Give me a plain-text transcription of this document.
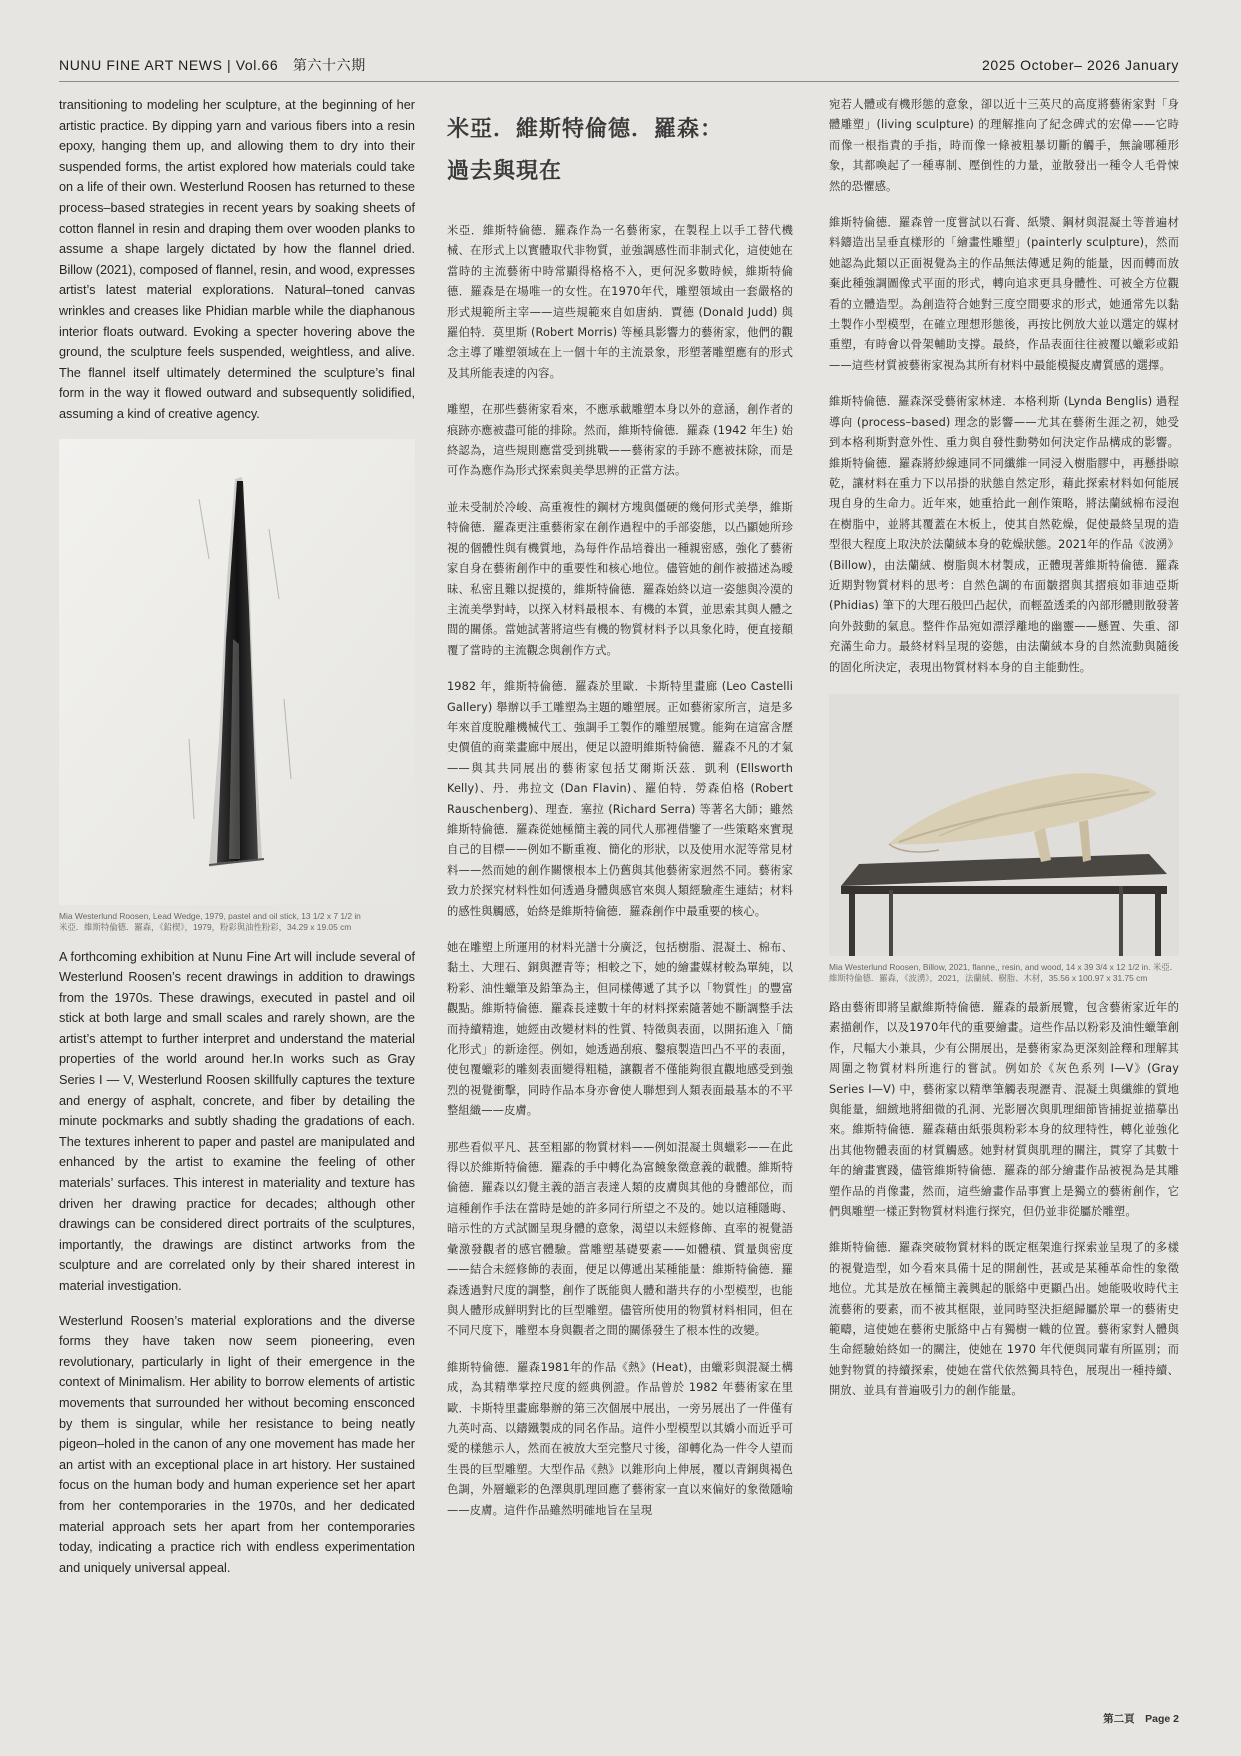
NUNU FINE ART NEWS | Vol.66　第六十六期	2025 October– 2026 January

transitioning to modeling her sculpture, at the beginning of her artistic practice. By dipping yarn and various fibers into a resin epoxy, hanging them up, and allowing them to dry into their suspended forms, the artist explored how materials could take on a life of their own. Westerlund Roosen has returned to these process–based strategies in recent years by soaking sheets of cotton flannel in resin and draping them over wooden planks to assume a shape largely dictated by how the flannel dried. Billow (2021), composed of flannel, resin, and wood, expresses artist’s latest material explorations. Natural–toned canvas wrinkles and creases like Phidian marble while the diaphanous interior floats outward. Evoking a specter hovering above the ground, the sculpture feels suspended, weightless, and alive. The flannel itself ultimately determined the sculpture’s final form in the way it flowed outward and subsequently solidified, assuming a kind of creative agency.

Mia Westerlund Roosen, Lead Wedge, 1979, pastel and oil stick, 13 1/2 x 7 1/2 in
米亞．維斯特倫德．羅森，《鉛楔》，1979，粉彩與油性粉彩，34.29 x 19.05 cm

A forthcoming exhibition at Nunu Fine Art will include several of Westerlund Roosen’s recent drawings in addition to drawings from the 1970s. These drawings, executed in pastel and oil stick at both large and small scales and rarely shown, are the artist’s attempt to further interpret and understand the material properties of the world around her.In works such as Gray Series I — V, Westerlund Roosen skillfully captures the texture and energy of asphalt, concrete, and fiber by detailing the minute pockmarks and subtly shading the gradations of each. The textures inherent to paper and pastel are manipulated and enhanced by the artist to examine the feeling of other materials’ surfaces. This interest in materiality and texture has driven her drawing practice for decades; although other drawings can be considered direct portraits of the sculptures, importantly, the drawings are distinct artworks from the sculpture and are correlated only by their shared interest in material investigation.

Westerlund Roosen’s material explorations and the diverse forms they have taken now seem pioneering, even revolutionary, particularly in light of their emergence in the context of Minimalism. Her ability to borrow elements of artistic movements that surrounded her without becoming ensconced by them is singular, while her resistance to being neatly pigeon–holed in the canon of any one movement has made her an artist with an exceptional place in art history. Her sustained focus on the human body and human experience set her apart from her contemporaries in the 1970s, and her dedicated material approach sets her apart from her contemporaries today, indicating a practice rich with endless experimentation and uniquely universal appeal.

米亞．維斯特倫德．羅森：
過去與現在

米亞．維斯特倫德．羅森作為一名藝術家，在製程上以手工替代機械、在形式上以實體取代非物質，並強調感性而非制式化，這使她在當時的主流藝術中時常顯得格格不入，更何況多數時候，維斯特倫德．羅森是在場唯一的女性。在1970年代，雕塑領域由一套嚴格的形式規範所主宰——這些規範來自如唐納．賈德 (Donald Judd) 與羅伯特．莫里斯 (Robert Morris) 等極具影響力的藝術家，他們的觀念主導了雕塑領域在上一個十年的主流景象，形塑著雕塑應有的形式及其所能表達的內容。

雕塑，在那些藝術家看來，不應承載雕塑本身以外的意涵，創作者的痕跡亦應被盡可能的排除。然而，維斯特倫德．羅森 (1942 年生) 始終認為，這些規則應當受到挑戰——藝術家的手跡不應被抹除，而是可作為應作為形式探索與美學思辨的正當方法。

並未受制於冷峻、高重複性的鋼材方塊與僵硬的幾何形式美學，維斯特倫德．羅森更注重藝術家在創作過程中的手部姿態，以凸顯她所珍視的個體性與有機質地，為每件作品培養出一種親密感，強化了藝術家自身在藝術創作中的重要性和核心地位。儘管她的創作被描述為曖昧、私密且難以捉摸的，維斯特倫德．羅森始終以這一姿態與冷漠的主流美學對峙，以探入材料最根本、有機的本質，並思索其與人體之間的關係。當她試著將這些有機的物質材料予以具象化時，便直接顛覆了當時的主流觀念與創作方式。

1982 年，維斯特倫德．羅森於里歐．卡斯特里畫廊 (Leo Castelli Gallery) 舉辦以手工雕塑為主題的雕塑展。正如藝術家所言，這是多年來首度脫離機械代工、強調手工製作的雕塑展覽。能夠在這富含歷史價值的商業畫廊中展出，便足以證明維斯特倫德．羅森不凡的才氣——與其共同展出的藝術家包括艾爾斯沃茲．凱利 (Ellsworth Kelly)、丹．弗拉文 (Dan Flavin)、羅伯特．勞森伯格 (Robert Rauschenberg)、理查．塞拉 (Richard Serra) 等著名大師；雖然維斯特倫德．羅森從她極簡主義的同代人那裡借鑒了一些策略來實現自己的目標——例如不斷重複、簡化的形狀，以及使用水泥等常見材料——然而她的創作關懷根本上仍舊與其他藝術家迥然不同。藝術家致力於探究材料性如何透過身體與感官來與人類經驗產生連結；材料的感性與觸感，始終是維斯特倫德．羅森創作中最重要的核心。

她在雕塑上所運用的材料光譜十分廣泛，包括樹脂、混凝土、棉布、黏土、大理石、銅與瀝青等；相較之下，她的繪畫媒材較為單純，以粉彩、油性蠟筆及鉛筆為主，但同樣傳遞了其予以「物質性」的豐富觀點。維斯特倫德．羅森長達數十年的材料探索隨著她不斷調整手法而持續精進，她經由改變材料的性質、特徵與表面，以開拓進入「簡化形式」的新途徑。例如，她透過刮痕、鑿痕製造凹凸不平的表面，使包覆蠟彩的雕刻表面變得粗糙，讓觀者不僅能夠很直觀地感受到強烈的視覺衝擊，同時作品本身亦會使人聯想到人類表面最基本的不平整組織——皮膚。

那些看似平凡、甚至粗鄙的物質材料——例如混凝土與蠟彩——在此得以於維斯特倫德．羅森的手中轉化為富饒象徵意義的載體。維斯特倫德．羅森以幻覺主義的語言表達人類的皮膚與其他的身體部位，而這種創作手法在當時是她的許多同行所望之不及的。她以這種隱晦、暗示性的方式試圖呈現身體的意象，渴望以未經修飾、直率的視覺語彙激發觀者的感官體驗。當雕塑基礎要素——如體積、質量與密度——結合未經修飾的表面，便足以傳遞出某種能量：維斯特倫德．羅森透過對尺度的調整，創作了既能與人體和諧共存的小型模型，也能與人體形成鮮明對比的巨型雕塑。儘管所使用的物質材料相同，但在不同尺度下，雕塑本身與觀者之間的關係發生了根本性的改變。

維斯特倫德．羅森1981年的作品《熱》(Heat)，由蠟彩與混凝土構成，為其精準掌控尺度的經典例證。作品曾於 1982 年藝術家在里歐．卡斯特里畫廊舉辦的第三次個展中展出，一旁另展出了一件僅有九英吋高、以鑄鐵製成的同名作品。這件小型模型以其嬌小而近乎可愛的樣態示人，然而在被放大至完整尺寸後，卻轉化為一件令人望而生畏的巨型雕塑。大型作品《熱》以錐形向上伸展，覆以青銅與褐色色調，外層蠟彩的色澤與肌理回應了藝術家一直以來偏好的象徵隱喻——皮膚。這件作品雖然明確地旨在呈現

宛若人體或有機形態的意象，卻以近十三英尺的高度將藝術家對「身體雕塑」(living sculpture) 的理解推向了紀念碑式的宏偉——它時而像一根指責的手指，時而像一條被粗暴切斷的觸手，無論哪種形象，其都喚起了一種專制、壓倒性的力量，並散發出一種令人毛骨悚然的恐懼感。

維斯特倫德．羅森曾一度嘗試以石膏、紙漿、鋼材與混凝土等普遍材料鑄造出呈垂直樣形的「繪畫性雕塑」(painterly sculpture)，然而她認為此類以正面視覺為主的作品無法傳遞足夠的能量，因而轉而放棄此種強調圖像式平面的形式，轉向追求更具身體性、可被全方位觀看的立體造型。為創造符合她對三度空間要求的形式，她通常先以黏土製作小型模型，在確立理想形態後，再按比例放大並以選定的媒材重塑，有時會以骨架輔助支撐。最終，作品表面往往被覆以蠟彩或鉛——這些材質被藝術家視為其所有材料中最能模擬皮膚質感的選擇。

維斯特倫德．羅森深受藝術家林達．本格利斯 (Lynda Benglis) 過程導向 (process–based) 理念的影響——尤其在藝術生涯之初，她受到本格利斯對意外性、重力與自發性動勢如何決定作品構成的影響。維斯特倫德．羅森將紗線連同不同纖維一同浸入樹脂膠中，再懸掛晾乾，讓材料在重力下以吊掛的狀態自然定形，藉此探索材料如何能展現自身的生命力。近年來，她重拾此一創作策略，將法蘭絨棉布浸泡在樹脂中，並將其覆蓋在木板上，使其自然乾燥，促使最終呈現的造型很大程度上取決於法蘭絨本身的乾燥狀態。2021年的作品《波湧》(Billow)，由法蘭絨、樹脂與木材製成，正體現著維斯特倫德．羅森近期對物質材料的思考：自然色調的布面皺摺與其摺痕如菲迪亞斯 (Phidias) 筆下的大理石般凹凸起伏，而輕盈透柔的內部形體則散發著向外鼓動的氣息。整件作品宛如漂浮離地的幽靈——懸置、失重、卻充滿生命力。最終材料呈現的姿態，由法蘭絨本身的自然流動與隨後的固化所決定，表現出物質材料本身的自主能動性。

Mia Westerlund Roosen, Billow, 2021, flanne,, resin, and wood, 14 x 39 3/4 x 12 1/2 in. 米亞．維斯特倫德．羅森，《波湧》，2021，法蘭絨、樹脂、木材，35.56 x 100.97 x 31.75 cm

路由藝術即將呈獻維斯特倫德．羅森的最新展覽，包含藝術家近年的素描創作，以及1970年代的重要繪畫。這些作品以粉彩及油性蠟筆創作，尺幅大小兼具，少有公開展出，是藝術家為更深刻詮釋和理解其周圍之物質材料所進行的嘗試。例如於《灰色系列 I—V》(Gray Series I—V) 中，藝術家以精準筆觸表現瀝青、混凝土與纖維的質地與能量，細緻地將細微的孔洞、光影層次與肌理細節皆捕捉並描摹出來。維斯特倫德．羅森藉由紙張與粉彩本身的紋理特性，轉化並強化出其他物體表面的材質觸感。她對材質與肌理的關注，貫穿了其數十年的繪畫實踐，儘管維斯特倫德．羅森的部分繪畫作品被視為是其雕塑作品的肖像畫，然而，這些繪畫作品事實上是獨立的藝術創作，它們與雕塑一樣正對物質材料進行探究，但仍並非從屬於雕塑。

維斯特倫德．羅森突破物質材料的既定框架進行探索並呈現了的多樣的視覺造型，如今看來具備十足的開創性，甚或是某種革命性的象徵地位。尤其是放在極簡主義興起的脈絡中更顯凸出。她能吸收時代主流藝術的要素，而不被其框限，並同時堅決拒絕歸屬於單一的藝術史範疇，這使她在藝術史脈絡中占有獨樹一幟的位置。藝術家對人體與生命經驗始終如一的關注，使她在 1970 年代便與同輩有所區別；而她對物質的持續探索，使她在當代依然獨具特色，展現出一種持續、開放、並具有普遍吸引力的創作能量。

第二頁　Page 2
